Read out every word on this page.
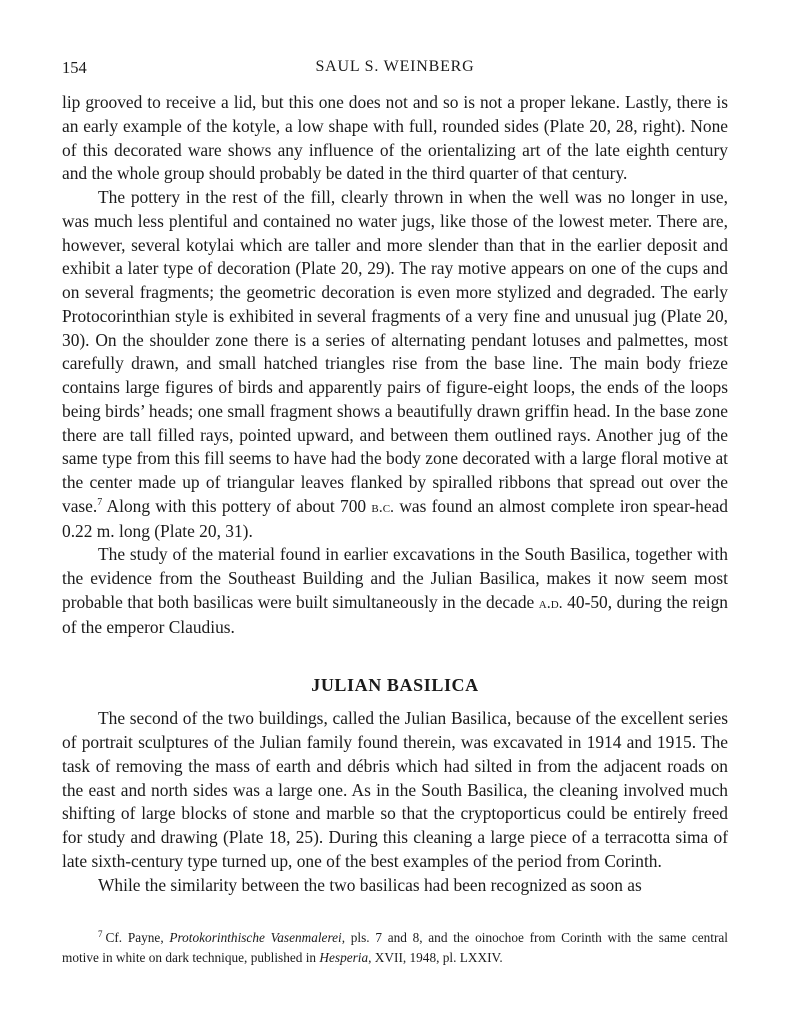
154	SAUL S. WEINBERG

lip grooved to receive a lid, but this one does not and so is not a proper lekane. Lastly, there is an early example of the kotyle, a low shape with full, rounded sides (Plate 20, 28, right). None of this decorated ware shows any influence of the orientalizing art of the late eighth century and the whole group should probably be dated in the third quarter of that century.

The pottery in the rest of the fill, clearly thrown in when the well was no longer in use, was much less plentiful and contained no water jugs, like those of the lowest meter. There are, however, several kotylai which are taller and more slender than that in the earlier deposit and exhibit a later type of decoration (Plate 20, 29). The ray motive appears on one of the cups and on several fragments; the geometric decoration is even more stylized and degraded. The early Protocorinthian style is exhibited in several fragments of a very fine and unusual jug (Plate 20, 30). On the shoulder zone there is a series of alternating pendant lotuses and palmettes, most carefully drawn, and small hatched triangles rise from the base line. The main body frieze contains large figures of birds and apparently pairs of figure-eight loops, the ends of the loops being birds’ heads; one small fragment shows a beautifully drawn griffin head. In the base zone there are tall filled rays, pointed upward, and between them outlined rays. Another jug of the same type from this fill seems to have had the body zone decorated with a large floral motive at the center made up of triangular leaves flanked by spiralled ribbons that spread out over the vase.$^7$ Along with this pottery of about 700 b.c. was found an almost complete iron spear-head 0.22 m. long (Plate 20, 31).

The study of the material found in earlier excavations in the South Basilica, together with the evidence from the Southeast Building and the Julian Basilica, makes it now seem most probable that both basilicas were built simultaneously in the decade a.d. 40-50, during the reign of the emperor Claudius.

JULIAN BASILICA

The second of the two buildings, called the Julian Basilica, because of the excellent series of portrait sculptures of the Julian family found therein, was excavated in 1914 and 1915. The task of removing the mass of earth and débris which had silted in from the adjacent roads on the east and north sides was a large one. As in the South Basilica, the cleaning involved much shifting of large blocks of stone and marble so that the cryptoporticus could be entirely freed for study and drawing (Plate 18, 25). During this cleaning a large piece of a terracotta sima of late sixth-century type turned up, one of the best examples of the period from Corinth.

While the similarity between the two basilicas had been recognized as soon as

$^7$ Cf. Payne, Protokorinthische Vasenmalerei, pls. 7 and 8, and the oinochoe from Corinth with the same central motive in white on dark technique, published in Hesperia, XVII, 1948, pl. LXXIV.
